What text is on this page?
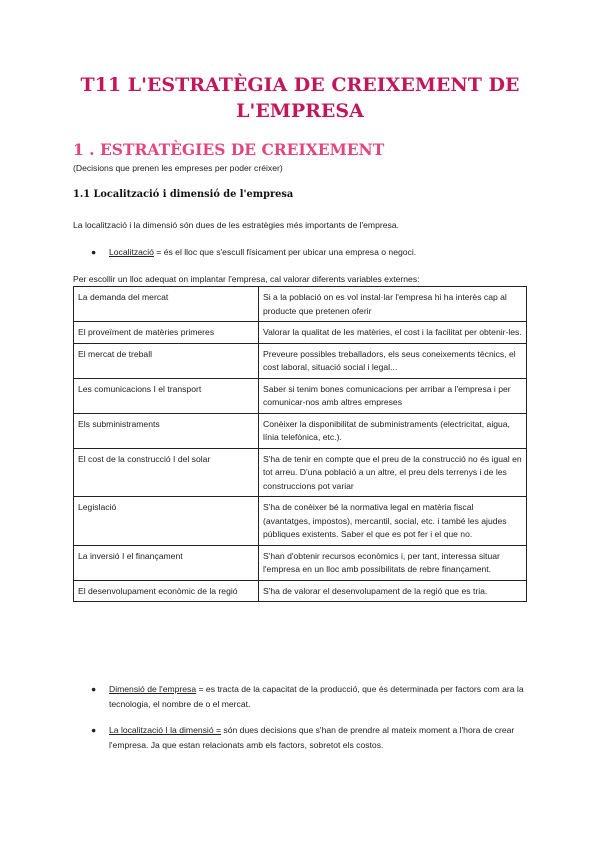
T11 L'ESTRATÈGIA DE CREIXEMENT DE
L'EMPRESA
1 . ESTRATÈGIES DE CREIXEMENT
(Decisions que prenen les empreses per poder créixer)
1.1 Localització i dimensió de l'empresa
La localització i la dimensió són dues de les estratègies més importants de l'empresa.
● Localització = és el lloc que s'escull físicament per ubicar una empresa o negoci.
Per escollir un lloc adequat on implantar l'empresa, cal valorar diferents variables externes:
La demanda del mercat	Si a la població on es vol instal·lar l'empresa hi ha interès cap al producte que pretenen oferir
El proveïment de matèries primeres	Valorar la qualitat de les matèries, el cost i la facilitat per obtenir-les.
El mercat de treball	Preveure possibles treballadors, els seus coneixements tècnics, el cost laboral, situació social i legal...
Les comunicacions I el transport	Saber si tenim bones comunicacions per arribar a l'empresa i per comunicar-nos amb altres empreses
Els subministraments	Conèixer la disponibilitat de subministraments (electricitat, aigua, línia telefònica, etc.).
El cost de la construcció I del solar	S'ha de tenir en compte que el preu de la construcció no és igual en tot arreu. D'una població a un altre, el preu dels terrenys i de les construccions pot variar
Legislació	S'ha de conèixer bé la normativa legal en matèria fiscal (avantatges, impostos), mercantil, social, etc. i també les ajudes públiques existents. Saber el que es pot fer i el que no.
La inversió I el finançament	S'han d'obtenir recursos econòmics i, per tant, interessa situar l'empresa en un lloc amb possibilitats de rebre finançament.
El desenvolupament econòmic de la regió	S'ha de valorar el desenvolupament de la regió que es tria.
● Dimensió de l'empresa = es tracta de la capacitat de la producció, que és determinada per factors com ara la tecnologia, el nombre de o el mercat.
● La localització I la dimensió = són dues decisions que s'han de prendre al mateix moment a l'hora de crear l'empresa. Ja que estan relacionats amb els factors, sobretot els costos.
